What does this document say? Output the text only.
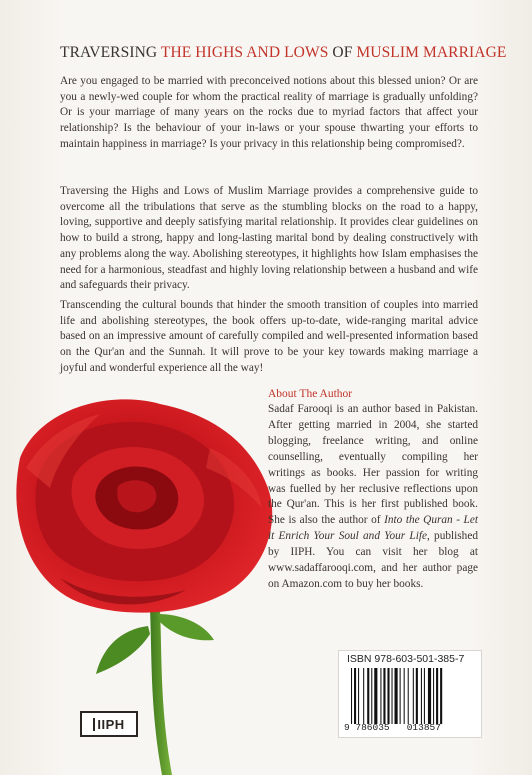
TRAVERSING THE HIGHS AND LOWS OF MUSLIM MARRIAGE

Are you engaged to be married with preconceived notions about this blessed union? Or are you a newly-wed couple for whom the practical reality of marriage is gradually unfolding? Or is your marriage of many years on the rocks due to myriad factors that affect your relationship? Is the behaviour of your in-laws or your spouse thwarting your efforts to maintain happiness in marriage? Is your privacy in this relationship being compromised?.

Traversing the Highs and Lows of Muslim Marriage provides a comprehensive guide to overcome all the tribulations that serve as the stumbling blocks on the road to a happy, loving, supportive and deeply satisfying marital relationship. It provides clear guidelines on how to build a strong, happy and long-lasting marital bond by dealing constructively with any problems along the way. Abolishing stereotypes, it highlights how Islam emphasises the need for a harmonious, steadfast and highly loving relationship between a husband and wife and safeguards their privacy.

Transcending the cultural bounds that hinder the smooth transition of couples into married life and abolishing stereotypes, the book offers up-to-date, wide-ranging marital advice based on an impressive amount of carefully compiled and well-presented information based on the Qur'an and the Sunnah. It will prove to be your key towards making marriage a joyful and wonderful experience all the way!

About The Author

Sadaf Farooqi is an author based in Pakistan. After getting married in 2004, she started blogging, freelance writing, and online counselling, eventually compiling her writings as books. Her passion for writing was fuelled by her reclusive reflections upon the Qur'an. This is her first published book. She is also the author of Into the Quran - Let it Enrich Your Soul and Your Life, published by IIPH. You can visit her blog at www.sadaffarooqi.com, and her author page on Amazon.com to buy her books.

IIPH
ISBN 978-603-501-385-7
9 786035   013857
